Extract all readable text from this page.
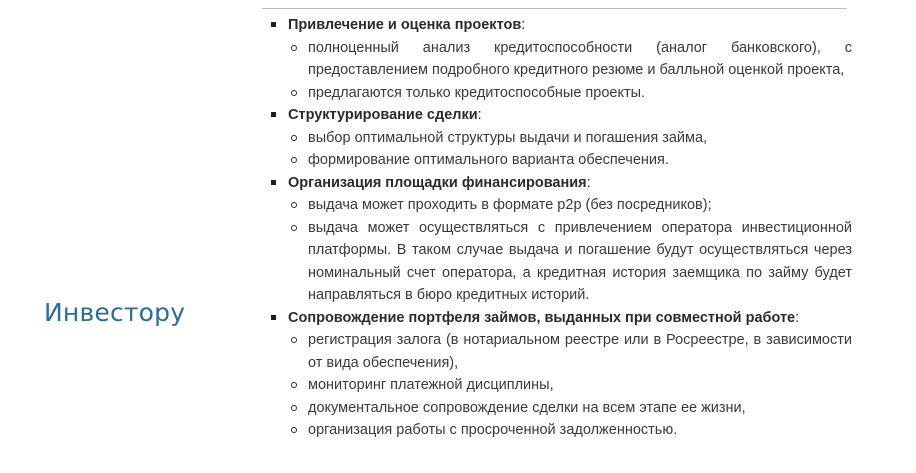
Инвестору
Привлечение и оценка проектов:
полноценный анализ кредитоспособности (аналог банковского), с предоставлением подробного кредитного резюме и балльной оценкой проекта,
предлагаются только кредитоспособные проекты.
Структурирование сделки:
выбор оптимальной структуры выдачи и погашения займа,
формирование оптимального варианта обеспечения.
Организация площадки финансирования:
выдача может проходить в формате p2p (без посредников);
выдача может осуществляться с привлечением оператора инвестиционной платформы. В таком случае выдача и погашение будут осуществляться через номинальный счет оператора, а кредитная история заемщика по займу будет направляться в бюро кредитных историй.
Сопровождение портфеля займов, выданных при совместной работе:
регистрация залога (в нотариальном реестре или в Росреестре, в зависимости от вида обеспечения),
мониторинг платежной дисциплины,
документальное сопровождение сделки на всем этапе ее жизни,
организация работы с просроченной задолженностью.
